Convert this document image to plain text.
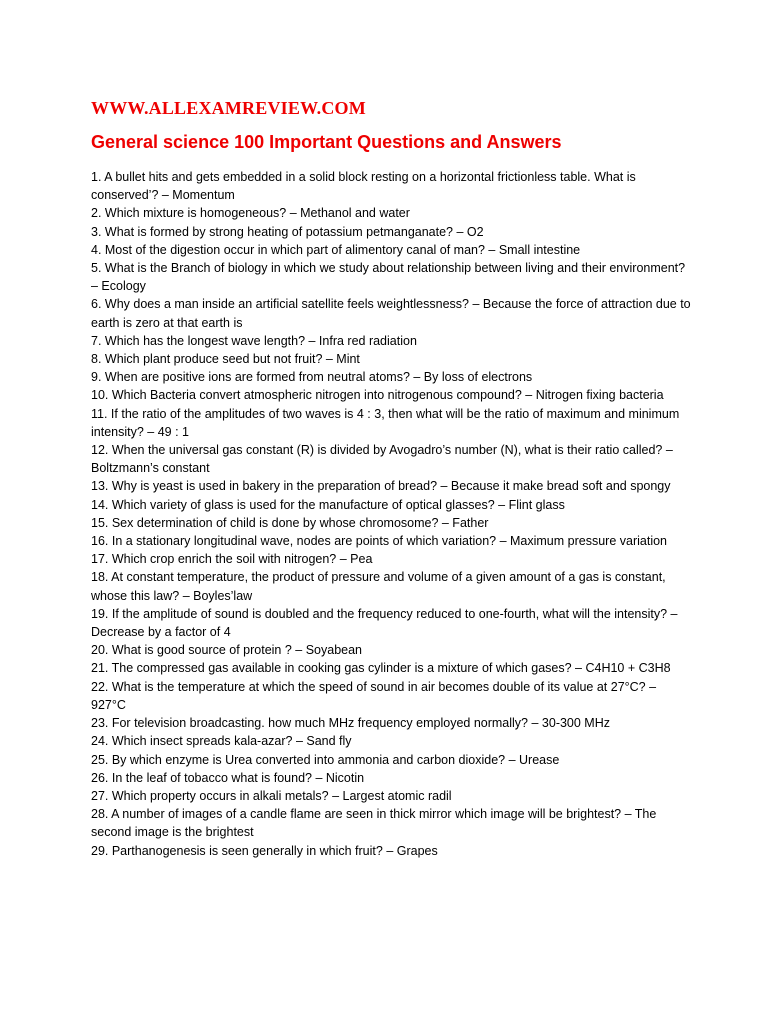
WWW.ALLEXAMREVIEW.COM
General science 100 Important Questions and Answers
1. A bullet hits and gets embedded in a solid block resting on a horizontal frictionless table. What is conserved’? – Momentum
2. Which mixture is homogeneous? – Methanol and water
3. What is formed by strong heating of potassium petmanganate? – O2
4. Most of the digestion occur in which part of alimentory canal of man? – Small intestine
5. What is the Branch of biology in which we study about relationship between living and their environment? – Ecology
6. Why does a man inside an artificial satellite feels weightlessness? – Because the force of attraction due to earth is zero at that earth is
7. Which has the longest wave length? – Infra red radiation
8. Which plant produce seed but not fruit? – Mint
9. When are positive ions are formed from neutral atoms? – By loss of electrons
10. Which Bacteria convert atmospheric nitrogen into nitrogenous compound? – Nitrogen fixing bacteria
11. If the ratio of the amplitudes of two waves is 4 : 3, then what will be the ratio of maximum and minimum intensity? – 49 : 1
12. When the universal gas constant (R) is divided by Avogadro’s number (N), what is their ratio called? – Boltzmann’s constant
13. Why is yeast is used in bakery in the preparation of bread? – Because it make bread soft and spongy
14. Which variety of glass is used for the manufacture of optical glasses? – Flint glass
15. Sex determination of child is done by whose chromosome? – Father
16. In a stationary longitudinal wave, nodes are points of which variation? – Maximum pressure variation
17. Which crop enrich the soil with nitrogen? – Pea
18. At constant temperature, the product of pressure and volume of a given amount of a gas is constant, whose this law? – Boyles’law
19. If the amplitude of sound is doubled and the frequency reduced to one-fourth, what will the intensity? – Decrease by a factor of 4
20. What is good source of protein ? – Soyabean
21. The compressed gas available in cooking gas cylinder is a mixture of which gases? – C4H10 + C3H8
22. What is the temperature at which the speed of sound in air becomes double of its value at 27°C? – 927°C
23. For television broadcasting. how much MHz frequency employed normally? – 30-300 MHz
24. Which insect spreads kala-azar? – Sand fly
25. By which enzyme is Urea converted into ammonia and carbon dioxide? – Urease
26. In the leaf of tobacco what is found? – Nicotin
27. Which property occurs in alkali metals? – Largest atomic radil
28. A number of images of a candle flame are seen in thick mirror which image will be brightest? – The second image is the brightest
29. Parthanogenesis is seen generally in which fruit? – Grapes
